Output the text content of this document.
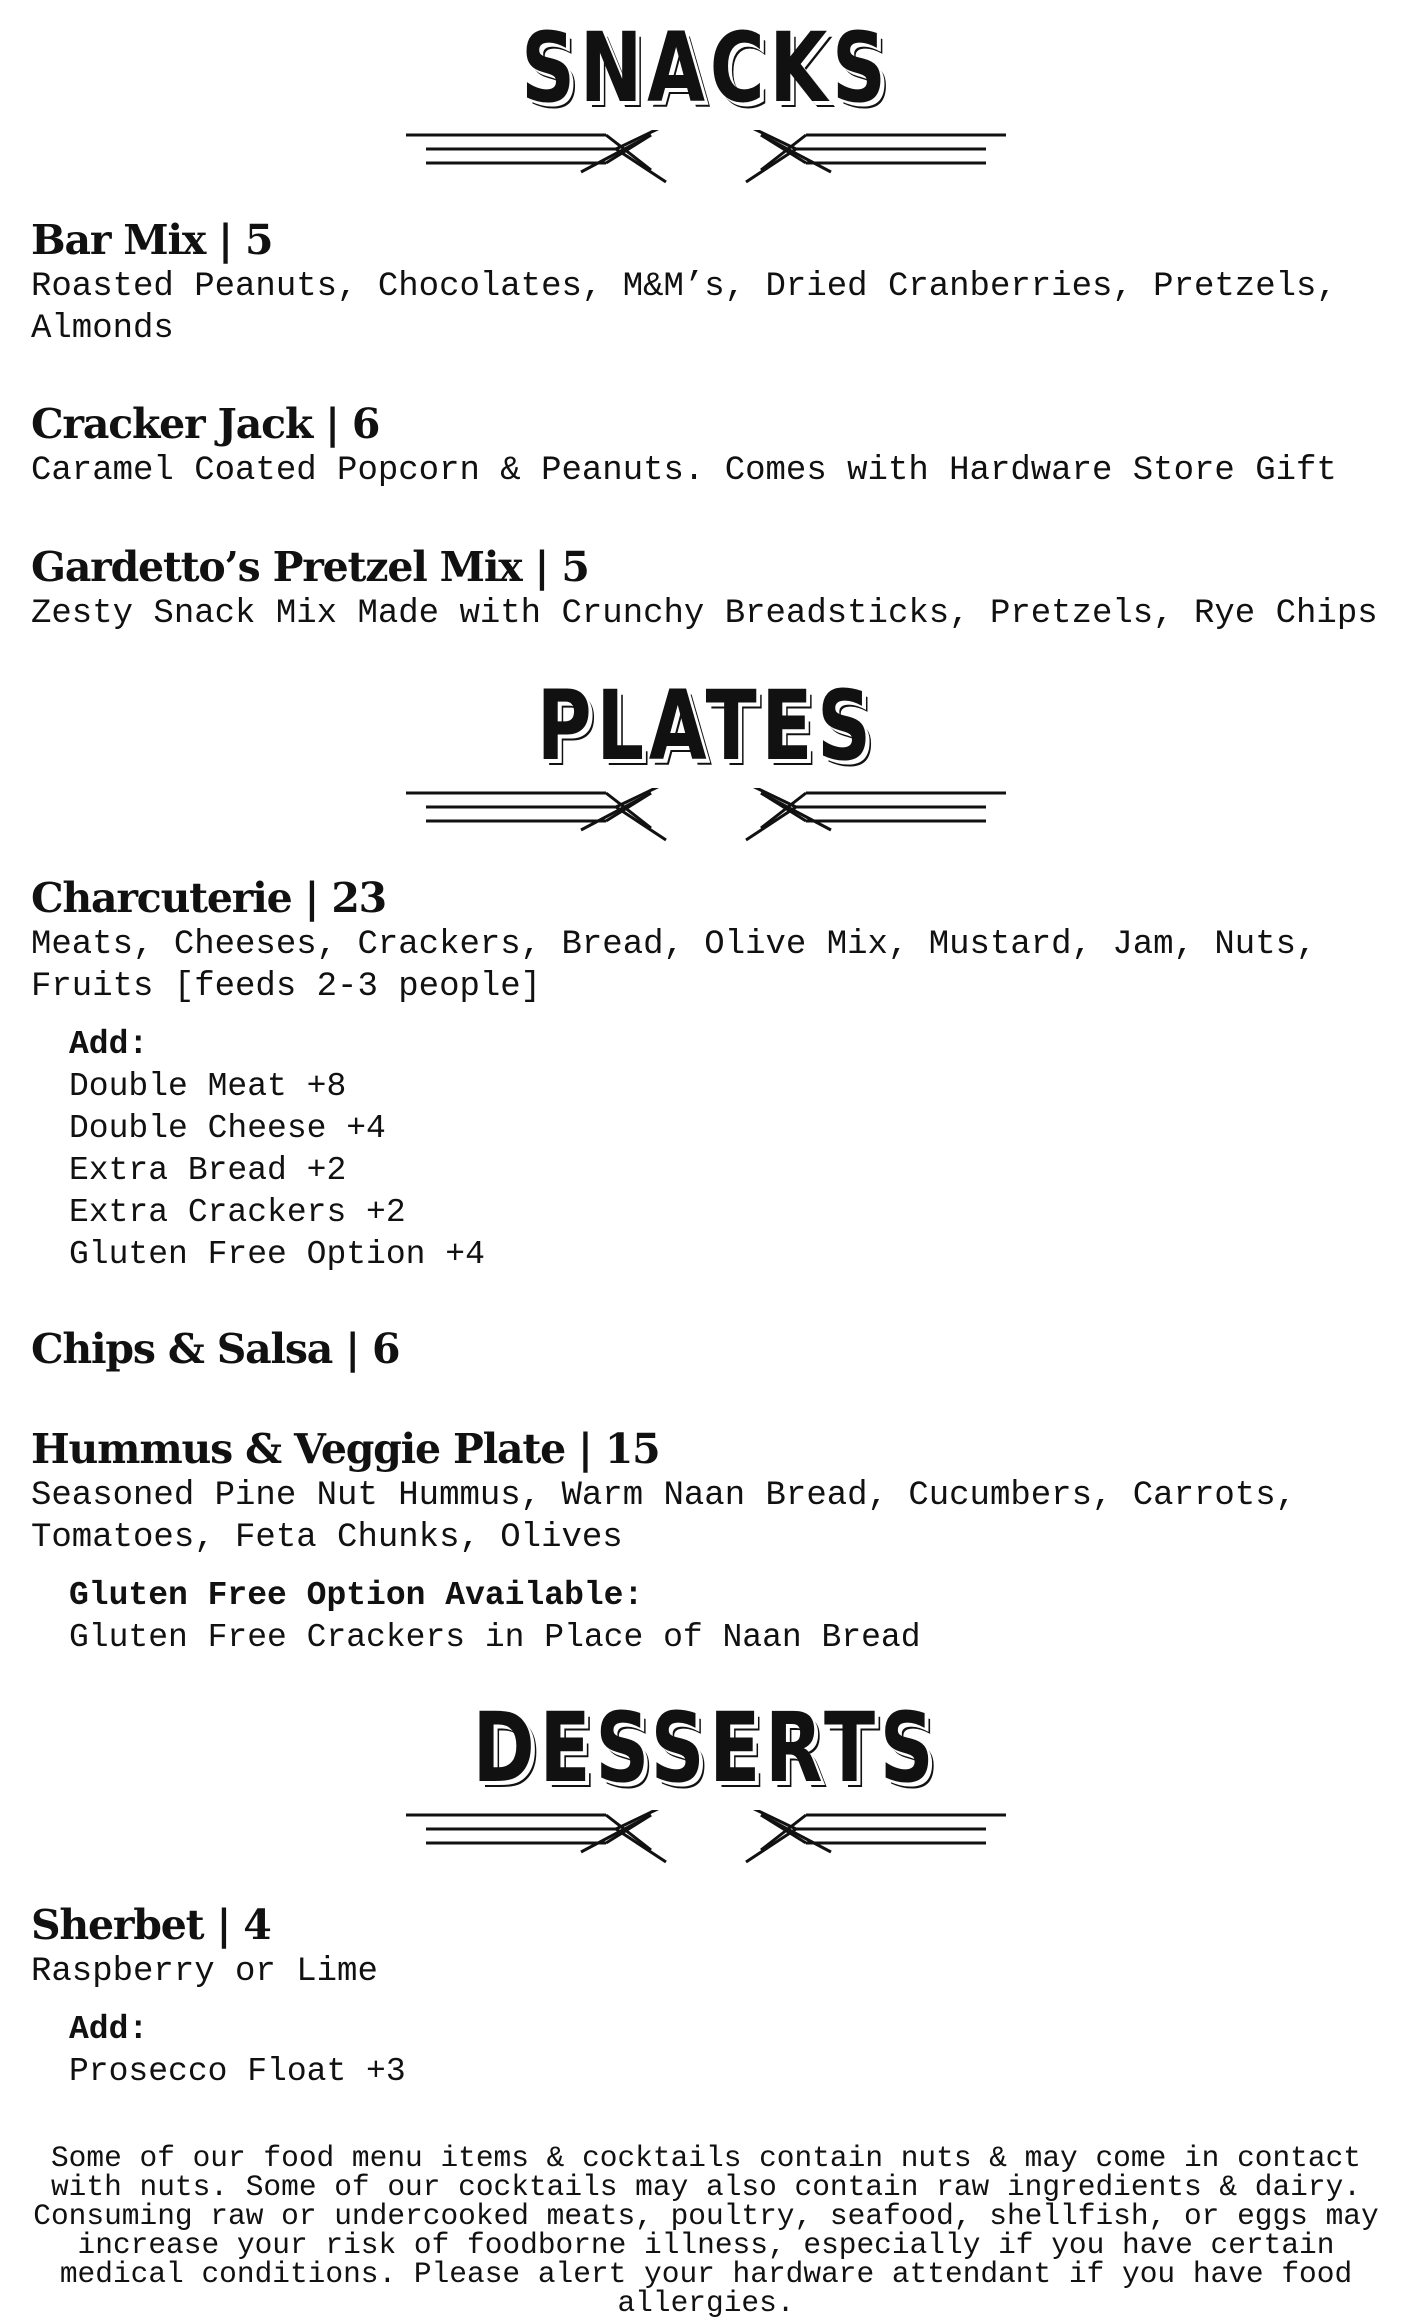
SNACKS
Bar Mix | 5
Roasted Peanuts, Chocolates, M&M’s, Dried Cranberries, Pretzels, Almonds
Cracker Jack | 6
Caramel Coated Popcorn & Peanuts. Comes with Hardware Store Gift
Gardetto’s Pretzel Mix | 5
Zesty Snack Mix Made with Crunchy Breadsticks, Pretzels, Rye Chips
PLATES
Charcuterie | 23
Meats, Cheeses, Crackers, Bread, Olive Mix, Mustard, Jam, Nuts, Fruits [feeds 2-3 people]
Add:
Double Meat +8
Double Cheese +4
Extra Bread +2
Extra Crackers +2
Gluten Free Option +4
Chips & Salsa | 6
Hummus & Veggie Plate | 15
Seasoned Pine Nut Hummus, Warm Naan Bread, Cucumbers, Carrots, Tomatoes, Feta Chunks, Olives
Gluten Free Option Available:
Gluten Free Crackers in Place of Naan Bread
DESSERTS
Sherbet | 4
Raspberry or Lime
Add:
Prosecco Float +3
Some of our food menu items & cocktails contain nuts & may come in contact with nuts. Some of our cocktails may also contain raw ingredients & dairy. Consuming raw or undercooked meats, poultry, seafood, shellfish, or eggs may increase your risk of foodborne illness, especially if you have certain medical conditions. Please alert your hardware attendant if you have food allergies.
